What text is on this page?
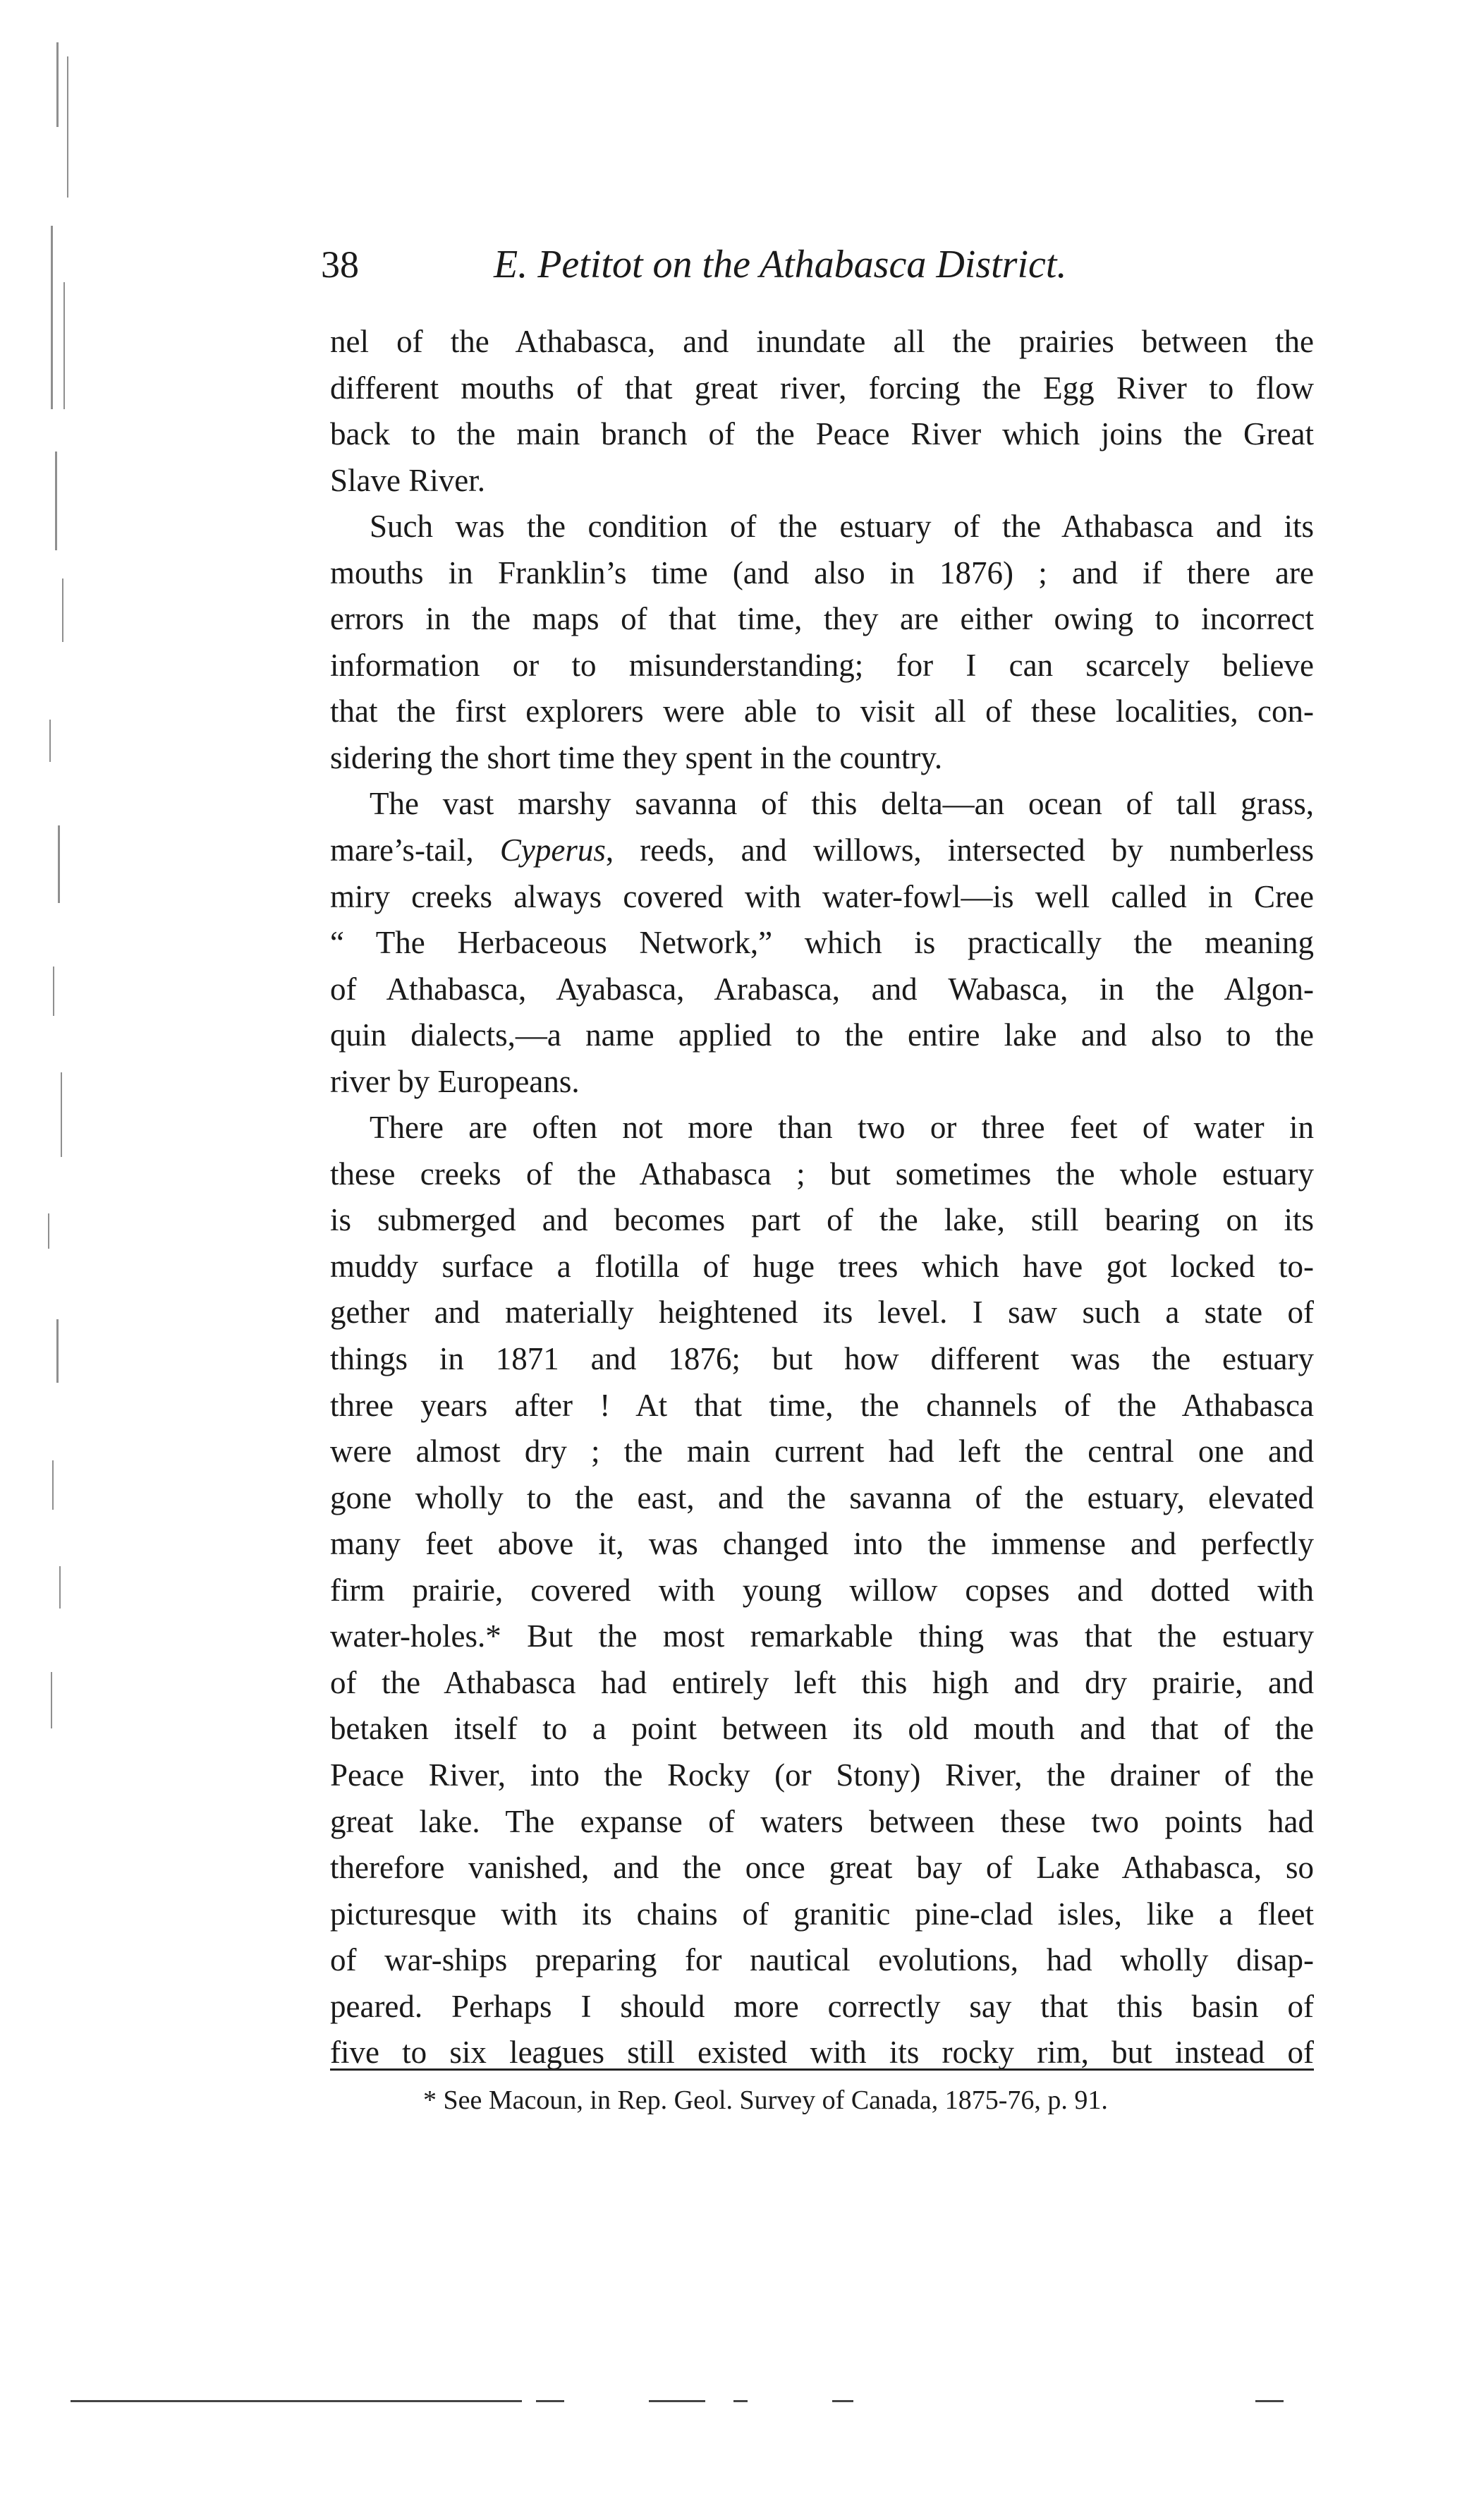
38	E. Petitot on the Athabasca District.
nel of the Athabasca, and inundate all the prairies between the
different mouths of that great river, forcing the Egg River to flow
back to the main branch of the Peace River which joins the Great
Slave River.
Such was the condition of the estuary of the Athabasca and its
mouths in Franklin’s time (and also in 1876) ; and if there are
errors in the maps of that time, they are either owing to incorrect
information or to misunderstanding; for I can scarcely believe
that the first explorers were able to visit all of these localities, con-
sidering the short time they spent in the country.
The vast marshy savanna of this delta—an ocean of tall grass,
mare’s-tail, Cyperus, reeds, and willows, intersected by numberless
miry creeks always covered with water-fowl—is well called in Cree
“ The Herbaceous Network,” which is practically the meaning
of Athabasca, Ayabasca, Arabasca, and Wabasca, in the Algon-
quin dialects,—a name applied to the entire lake and also to the
river by Europeans.
There are often not more than two or three feet of water in
these creeks of the Athabasca ; but sometimes the whole estuary
is submerged and becomes part of the lake, still bearing on its
muddy surface a flotilla of huge trees which have got locked to-
gether and materially heightened its level. I saw such a state of
things in 1871 and 1876; but how different was the estuary
three years after ! At that time, the channels of the Athabasca
were almost dry ; the main current had left the central one and
gone wholly to the east, and the savanna of the estuary, elevated
many feet above it, was changed into the immense and perfectly
firm prairie, covered with young willow copses and dotted with
water-holes.* But the most remarkable thing was that the estuary
of the Athabasca had entirely left this high and dry prairie, and
betaken itself to a point between its old mouth and that of the
Peace River, into the Rocky (or Stony) River, the drainer of the
great lake. The expanse of waters between these two points had
therefore vanished, and the once great bay of Lake Athabasca, so
picturesque with its chains of granitic pine-clad isles, like a fleet
of war-ships preparing for nautical evolutions, had wholly disap-
peared. Perhaps I should more correctly say that this basin of
five to six leagues still existed with its rocky rim, but instead of
* See Macoun, in Rep. Geol. Survey of Canada, 1875-76, p. 91.
